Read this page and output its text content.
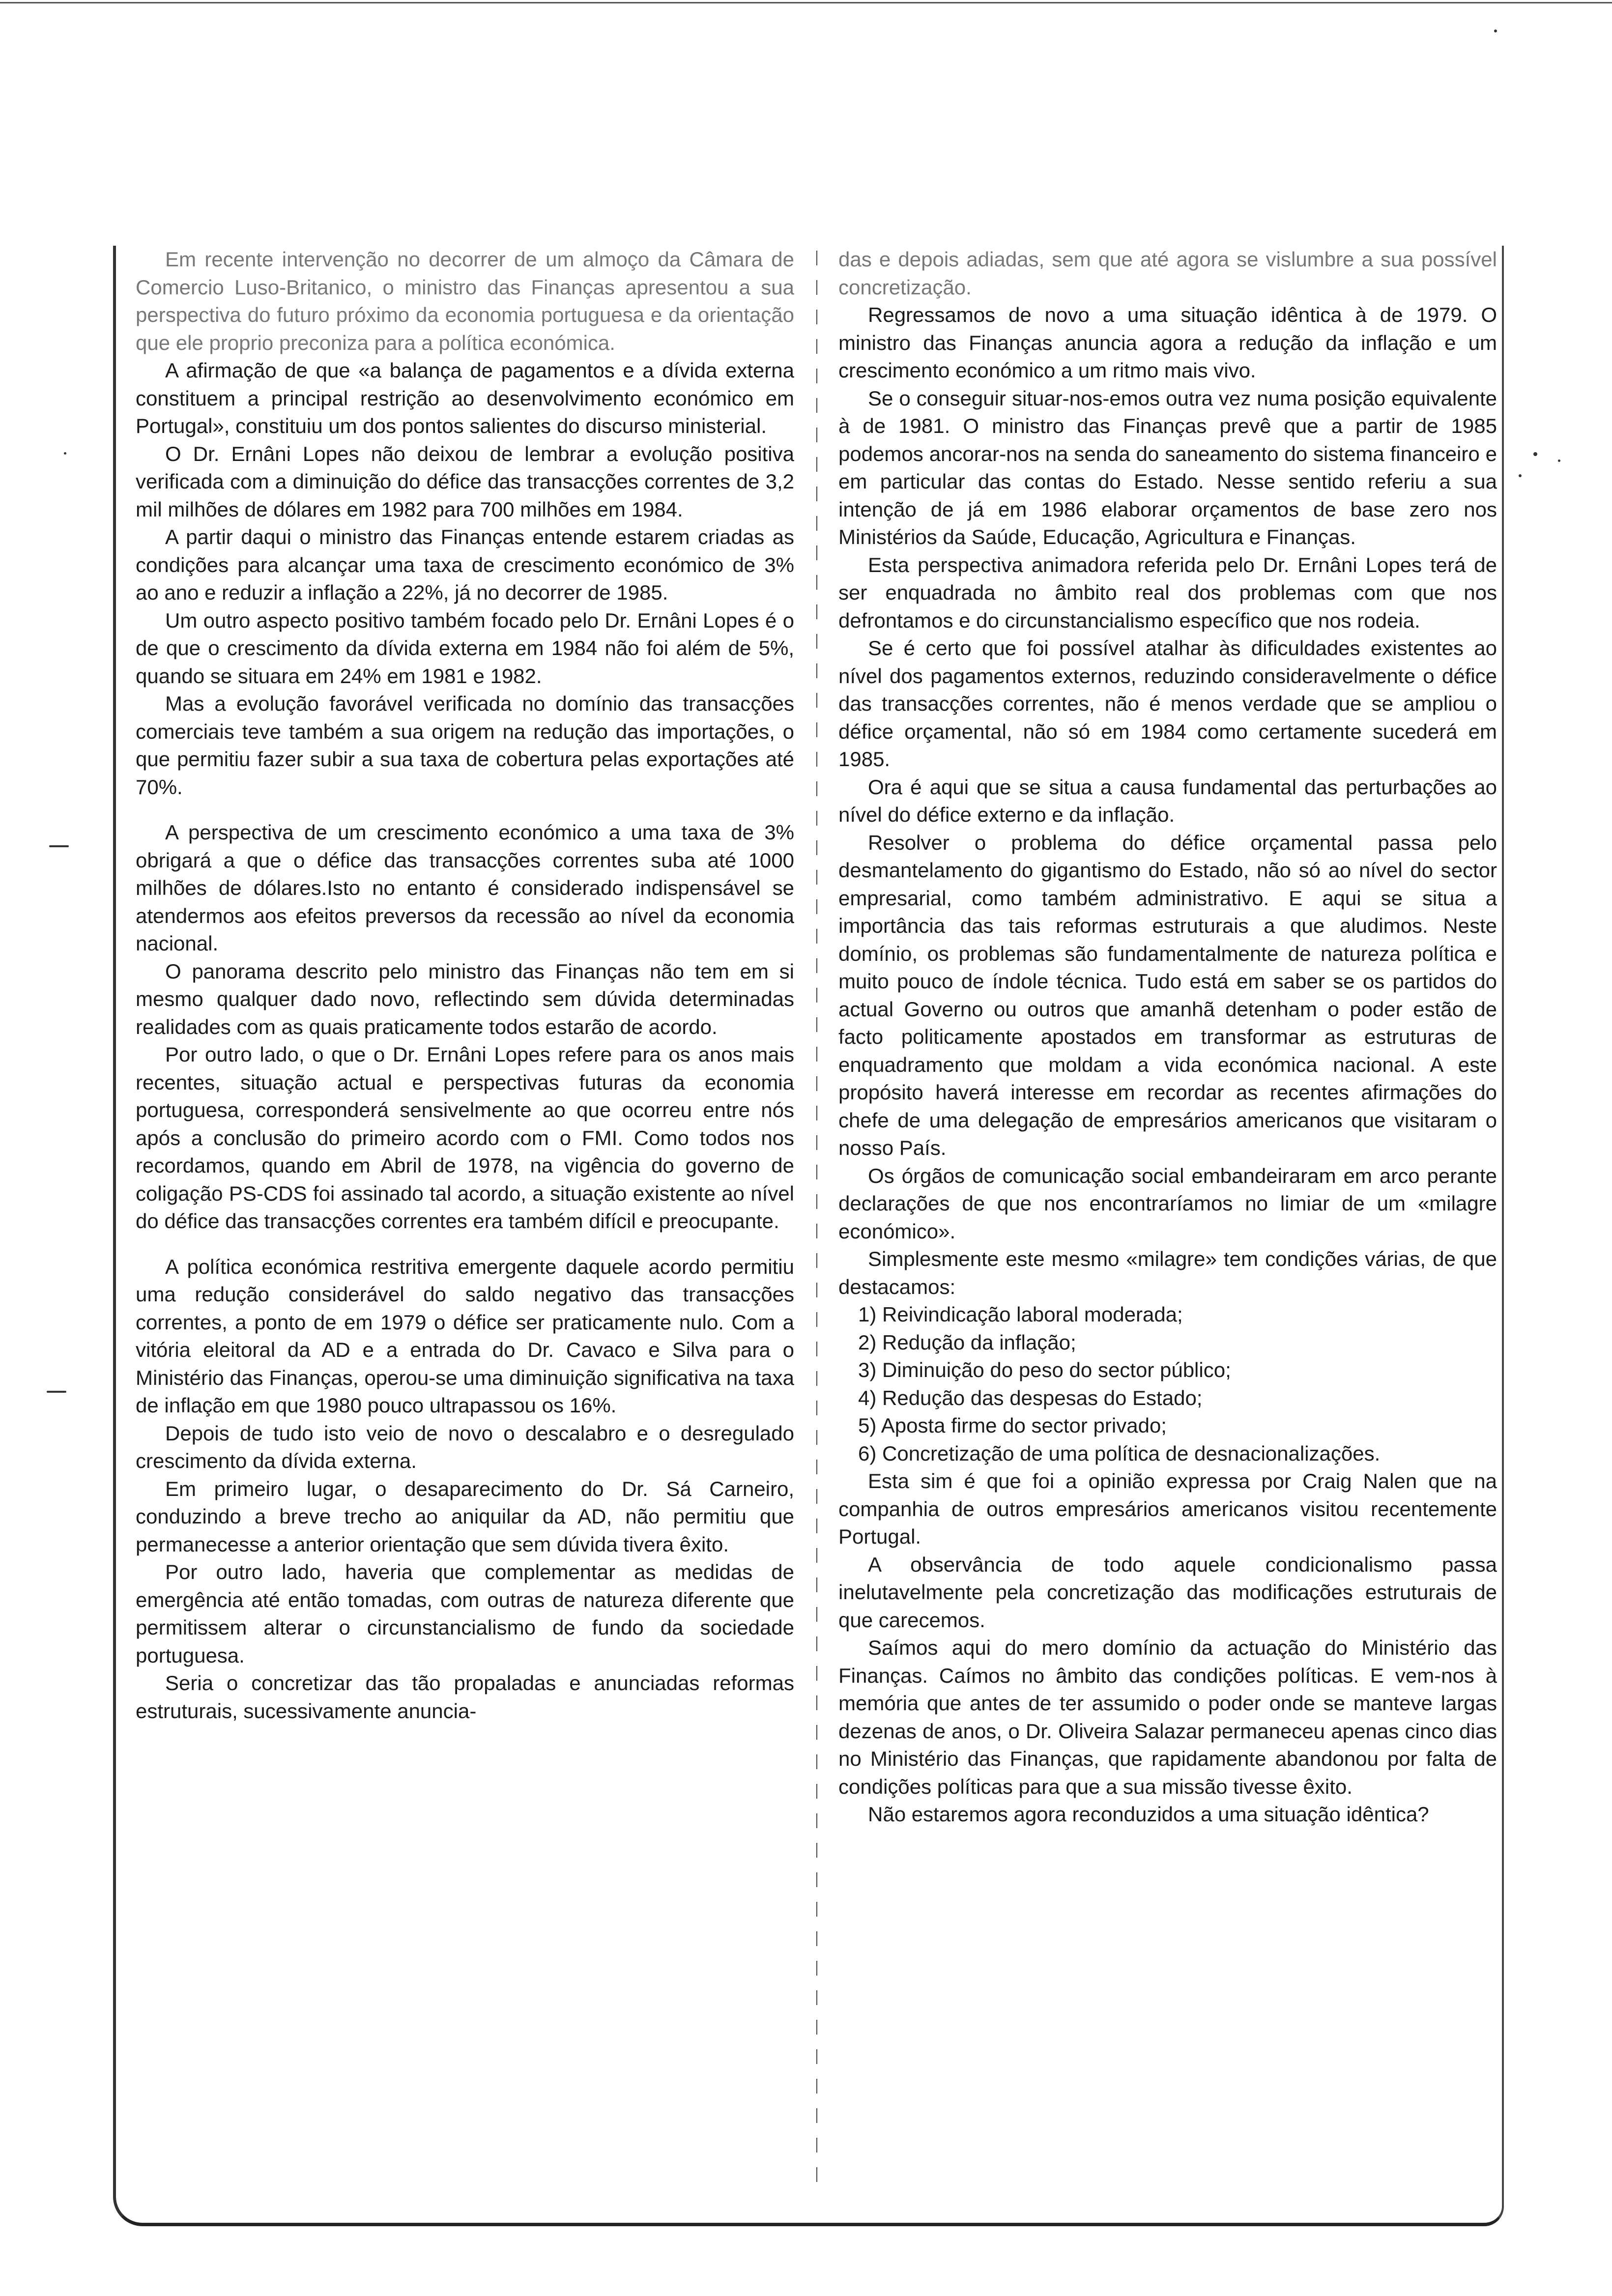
Em recente intervenção no decorrer de um almoço da Câmara de Comercio Luso-Britanico, o ministro das Finanças apresentou a sua perspectiva do futuro próximo da economia portuguesa e da orientação que ele proprio preconiza para a política económica.

A afirmação de que «a balança de pagamentos e a dívida externa constituem a principal restrição ao desenvolvimento económico em Portugal», constituiu um dos pontos salientes do discurso ministerial.

O Dr. Ernâni Lopes não deixou de lembrar a evolução positiva verificada com a diminuição do défice das transacções correntes de 3,2 mil milhões de dólares em 1982 para 700 milhões em 1984.

A partir daqui o ministro das Finanças entende estarem criadas as condições para alcançar uma taxa de crescimento económico de 3% ao ano e reduzir a inflação a 22%, já no decorrer de 1985.

Um outro aspecto positivo também focado pelo Dr. Ernâni Lopes é o de que o crescimento da dívida externa em 1984 não foi além de 5%, quando se situara em 24% em 1981 e 1982.

Mas a evolução favorável verificada no domínio das transacções comerciais teve também a sua origem na redução das importações, o que permitiu fazer subir a sua taxa de cobertura pelas exportações até 70%.

A perspectiva de um crescimento económico a uma taxa de 3% obrigará a que o défice das transacções correntes suba até 1000 milhões de dólares.Isto no entanto é considerado indispensável se atendermos aos efeitos preversos da recessão ao nível da economia nacional.

O panorama descrito pelo ministro das Finanças não tem em si mesmo qualquer dado novo, reflectindo sem dúvida determinadas realidades com as quais praticamente todos estarão de acordo.

Por outro lado, o que o Dr. Ernâni Lopes refere para os anos mais recentes, situação actual e perspectivas futuras da economia portuguesa, corresponderá sensivelmente ao que ocorreu entre nós após a conclusão do primeiro acordo com o FMI. Como todos nos recordamos, quando em Abril de 1978, na vigência do governo de coligação PS-CDS foi assinado tal acordo, a situação existente ao nível do défice das transacções correntes era também difícil e preocupante.

A política económica restritiva emergente daquele acordo permitiu uma redução considerável do saldo negativo das transacções correntes, a ponto de em 1979 o défice ser praticamente nulo. Com a vitória eleitoral da AD e a entrada do Dr. Cavaco e Silva para o Ministério das Finanças, operou-se uma diminuição significativa na taxa de inflação em que 1980 pouco ultrapassou os 16%.

Depois de tudo isto veio de novo o descalabro e o desregulado crescimento da dívida externa.

Em primeiro lugar, o desaparecimento do Dr. Sá Carneiro, conduzindo a breve trecho ao aniquilar da AD, não permitiu que permanecesse a anterior orientação que sem dúvida tivera êxito.

Por outro lado, haveria que complementar as medidas de emergência até então tomadas, com outras de natureza diferente que permitissem alterar o circunstancialismo de fundo da sociedade portuguesa.

Seria o concretizar das tão propaladas e anunciadas reformas estruturais, sucessivamente anuncia-

das e depois adiadas, sem que até agora se vislumbre a sua possível concretização.

Regressamos de novo a uma situação idêntica à de 1979. O ministro das Finanças anuncia agora a redução da inflação e um crescimento económico a um ritmo mais vivo.

Se o conseguir situar-nos-emos outra vez numa posição equivalente à de 1981. O ministro das Finanças prevê que a partir de 1985 podemos ancorar-nos na senda do saneamento do sistema financeiro e em particular das contas do Estado. Nesse sentido referiu a sua intenção de já em 1986 elaborar orçamentos de base zero nos Ministérios da Saúde, Educação, Agricultura e Finanças.

Esta perspectiva animadora referida pelo Dr. Ernâni Lopes terá de ser enquadrada no âmbito real dos problemas com que nos defrontamos e do circunstancialismo específico que nos rodeia.

Se é certo que foi possível atalhar às dificuldades existentes ao nível dos pagamentos externos, reduzindo consideravelmente o défice das transacções correntes, não é menos verdade que se ampliou o défice orçamental, não só em 1984 como certamente sucederá em 1985.

Ora é aqui que se situa a causa fundamental das perturbações ao nível do défice externo e da inflação.

Resolver o problema do défice orçamental passa pelo desmantelamento do gigantismo do Estado, não só ao nível do sector empresarial, como também administrativo. E aqui se situa a importância das tais reformas estruturais a que aludimos. Neste domínio, os problemas são fundamentalmente de natureza política e muito pouco de índole técnica. Tudo está em saber se os partidos do actual Governo ou outros que amanhã detenham o poder estão de facto politicamente apostados em transformar as estruturas de enquadramento que moldam a vida económica nacional. A este propósito haverá interesse em recordar as recentes afirmações do chefe de uma delegação de empresários americanos que visitaram o nosso País.

Os órgãos de comunicação social embandeiraram em arco perante declarações de que nos encontraríamos no limiar de um «milagre económico».

Simplesmente este mesmo «milagre» tem condições várias, de que destacamos:

1) Reivindicação laboral moderada;

2) Redução da inflação;

3) Diminuição do peso do sector público;

4) Redução das despesas do Estado;

5) Aposta firme do sector privado;

6) Concretização de uma política de desnacionalizações.

Esta sim é que foi a opinião expressa por Craig Nalen que na companhia de outros empresários americanos visitou recentemente Portugal.

A observância de todo aquele condicionalismo passa inelutavelmente pela concretização das modificações estruturais de que carecemos.

Saímos aqui do mero domínio da actuação do Ministério das Finanças. Caímos no âmbito das condições políticas. E vem-nos à memória que antes de ter assumido o poder onde se manteve largas dezenas de anos, o Dr. Oliveira Salazar permaneceu apenas cinco dias no Ministério das Finanças, que rapidamente abandonou por falta de condições políticas para que a sua missão tivesse êxito.

Não estaremos agora reconduzidos a uma situação idêntica?
